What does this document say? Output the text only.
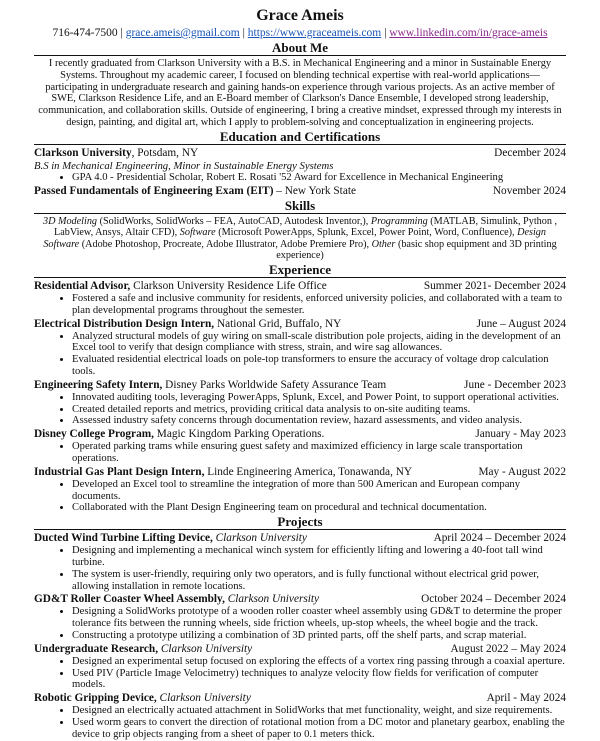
Grace Ameis
716-474-7500 | grace.ameis@gmail.com | https://www.graceameis.com | www.linkedin.com/in/grace-ameis
About Me
I recently graduated from Clarkson University with a B.S. in Mechanical Engineering and a minor in Sustainable Energy Systems. Throughout my academic career, I focused on blending technical expertise with real-world applications—participating in undergraduate research and gaining hands-on experience through various projects. As an active member of SWE, Clarkson Residence Life, and an E-Board member of Clarkson's Dance Ensemble, I developed strong leadership, communication, and collaboration skills. Outside of engineering, I bring a creative mindset, expressed through my interests in design, painting, and digital art, which I apply to problem-solving and conceptualization in engineering projects.
Education and Certifications
Clarkson University, Potsdam, NY	December 2024
B.S in Mechanical Engineering, Minor in Sustainable Energy Systems
• GPA 4.0 - Presidential Scholar, Robert E. Rosati '52 Award for Excellence in Mechanical Engineering
Passed Fundamentals of Engineering Exam (EIT) – New York State	November 2024
Skills
3D Modeling (SolidWorks, SolidWorks – FEA, AutoCAD, Autodesk Inventor,), Programming (MATLAB, Simulink, Python , LabView, Ansys, Altair CFD), Software (Microsoft PowerApps, Splunk, Excel, Power Point, Word, Confluence), Design Software (Adobe Photoshop, Procreate, Adobe Illustrator, Adobe Premiere Pro), Other (basic shop equipment and 3D printing experience)
Experience
Residential Advisor, Clarkson University Residence Life Office	Summer 2021- December 2024
• Fostered a safe and inclusive community for residents, enforced university policies, and collaborated with a team to plan developmental programs throughout the semester.
Electrical Distribution Design Intern, National Grid, Buffalo, NY	June – August 2024
• Analyzed structural models of guy wiring on small-scale distribution pole projects, aiding in the development of an Excel tool to verify that design compliance with stress, strain, and wire sag allowances.
• Evaluated residential electrical loads on pole-top transformers to ensure the accuracy of voltage drop calculation tools.
Engineering Safety Intern, Disney Parks Worldwide Safety Assurance Team	June - December 2023
• Innovated auditing tools, leveraging PowerApps, Splunk, Excel, and Power Point, to support operational activities.
• Created detailed reports and metrics, providing critical data analysis to on-site auditing teams.
• Assessed industry safety concerns through documentation review, hazard assessments, and video analysis.
Disney College Program, Magic Kingdom Parking Operations.	January - May 2023
• Operated parking trams while ensuring guest safety and maximized efficiency in large scale transportation operations.
Industrial Gas Plant Design Intern, Linde Engineering America, Tonawanda, NY	May - August 2022
• Developed an Excel tool to streamline the integration of more than 500 American and European company documents.
• Collaborated with the Plant Design Engineering team on procedural and technical documentation.
Projects
Ducted Wind Turbine Lifting Device, Clarkson University	April 2024 – December 2024
• Designing and implementing a mechanical winch system for efficiently lifting and lowering a 40-foot tall wind turbine.
• The system is user-friendly, requiring only two operators, and is fully functional without electrical grid power, allowing installation in remote locations.
GD&T Roller Coaster Wheel Assembly, Clarkson University	October 2024 – December 2024
• Designing a SolidWorks prototype of a wooden roller coaster wheel assembly using GD&T to determine the proper tolerance fits between the running wheels, side friction wheels, up-stop wheels, the wheel bogie and the track.
• Constructing a prototype utilizing a combination of 3D printed parts, off the shelf parts, and scrap material.
Undergraduate Research, Clarkson University	August 2022 – May 2024
• Designed an experimental setup focused on exploring the effects of a vortex ring passing through a coaxial aperture.
• Used PIV (Particle Image Velocimetry) techniques to analyze velocity flow fields for verification of computer models.
Robotic Gripping Device, Clarkson University	April - May 2024
• Designed an electrically actuated attachment in SolidWorks that met functionality, weight, and size requirements.
• Used worm gears to convert the direction of rotational motion from a DC motor and planetary gearbox, enabling the device to grip objects ranging from a sheet of paper to 0.1 meters thick.
